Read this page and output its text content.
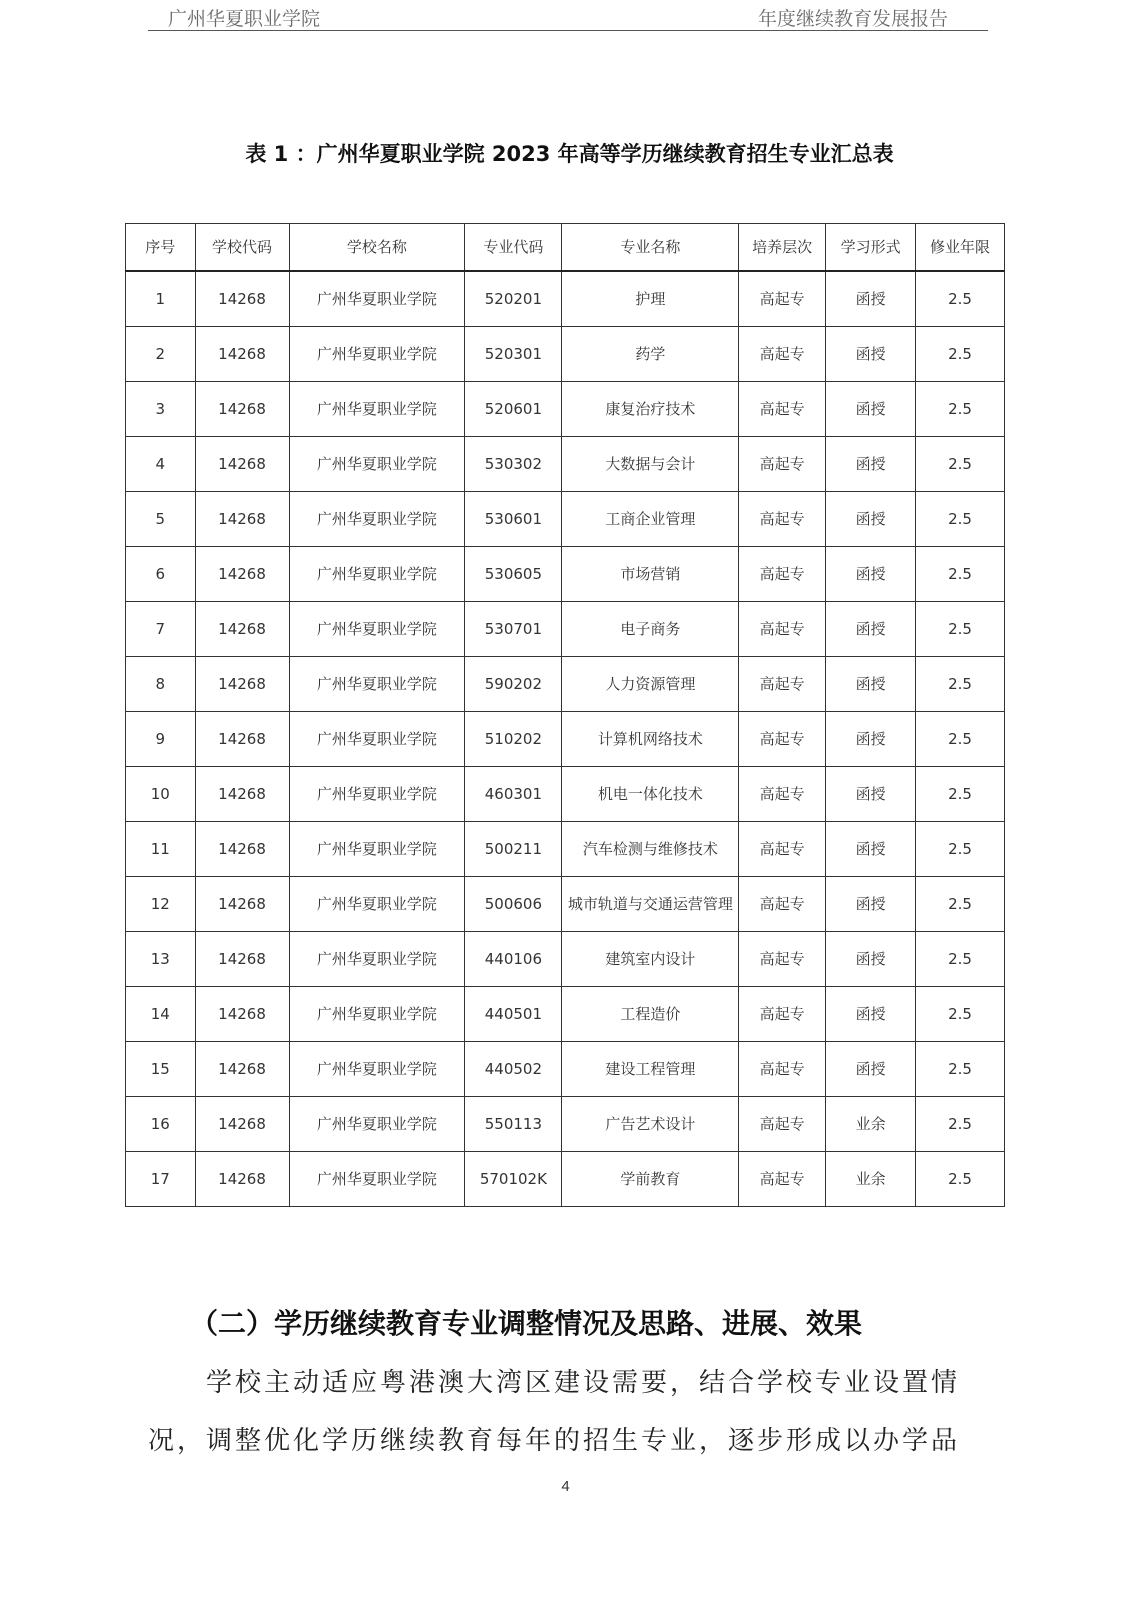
广州华夏职业学院	年度继续教育发展报告
表 1 ：广州华夏职业学院 2023 年高等学历继续教育招生专业汇总表
序号	学校代码	学校名称	专业代码	专业名称	培养层次	学习形式	修业年限
1	14268	广州华夏职业学院	520201	护理	高起专	函授	2.5
2	14268	广州华夏职业学院	520301	药学	高起专	函授	2.5
3	14268	广州华夏职业学院	520601	康复治疗技术	高起专	函授	2.5
4	14268	广州华夏职业学院	530302	大数据与会计	高起专	函授	2.5
5	14268	广州华夏职业学院	530601	工商企业管理	高起专	函授	2.5
6	14268	广州华夏职业学院	530605	市场营销	高起专	函授	2.5
7	14268	广州华夏职业学院	530701	电子商务	高起专	函授	2.5
8	14268	广州华夏职业学院	590202	人力资源管理	高起专	函授	2.5
9	14268	广州华夏职业学院	510202	计算机网络技术	高起专	函授	2.5
10	14268	广州华夏职业学院	460301	机电一体化技术	高起专	函授	2.5
11	14268	广州华夏职业学院	500211	汽车检测与维修技术	高起专	函授	2.5
12	14268	广州华夏职业学院	500606	城市轨道与交通运营管理	高起专	函授	2.5
13	14268	广州华夏职业学院	440106	建筑室内设计	高起专	函授	2.5
14	14268	广州华夏职业学院	440501	工程造价	高起专	函授	2.5
15	14268	广州华夏职业学院	440502	建设工程管理	高起专	函授	2.5
16	14268	广州华夏职业学院	550113	广告艺术设计	高起专	业余	2.5
17	14268	广州华夏职业学院	570102K	学前教育	高起专	业余	2.5
（二）学历继续教育专业调整情况及思路、进展、效果
学校主动适应粤港澳大湾区建设需要，结合学校专业设置情
况，调整优化学历继续教育每年的招生专业，逐步形成以办学品
4
